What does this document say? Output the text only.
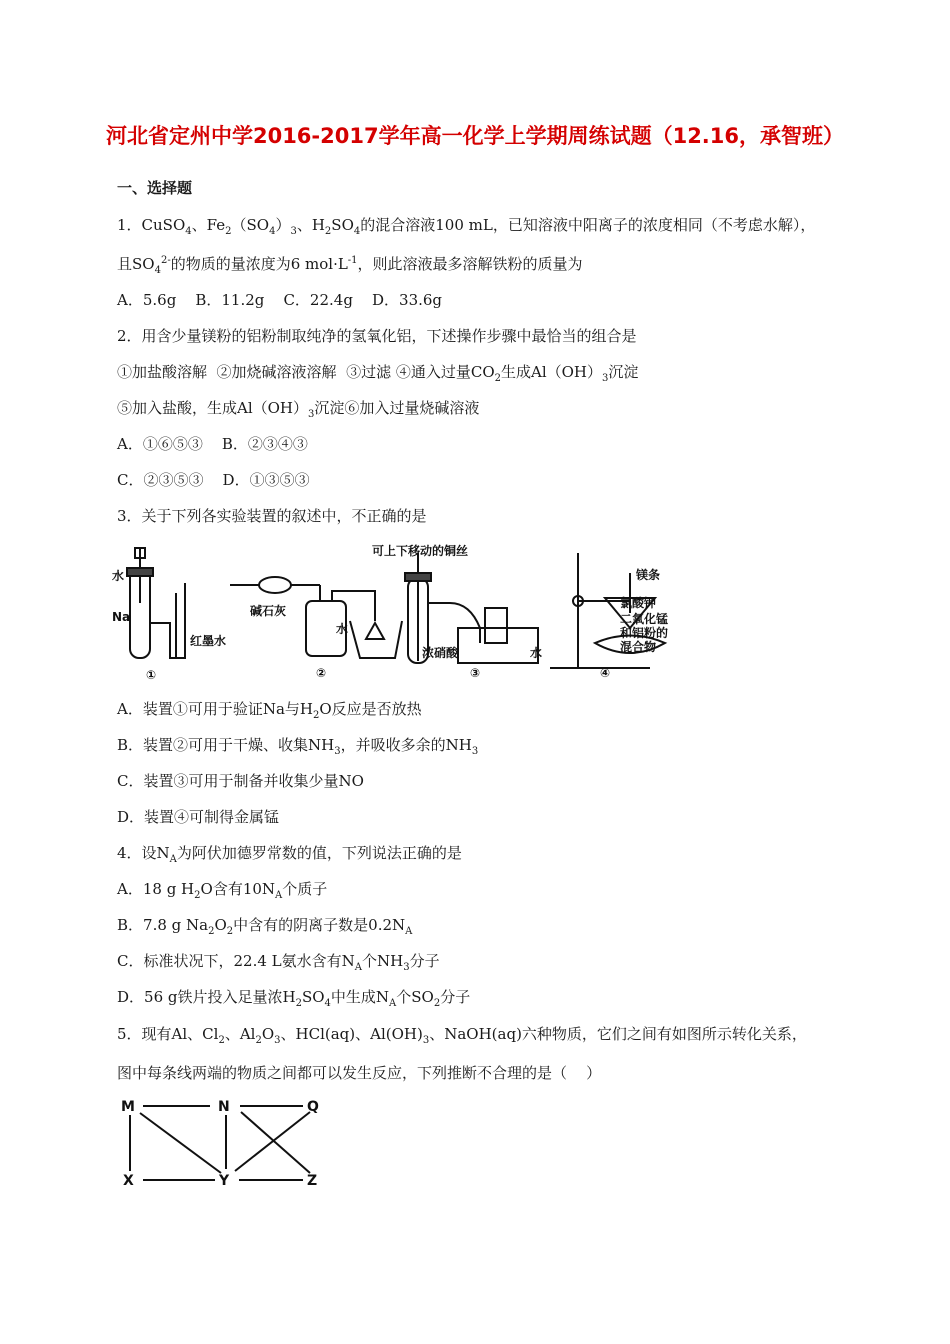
河北省定州中学2016-2017学年高一化学上学期周练试题（12.16，承智班）
一、选择题
1．CuSO$_4$、$Fe_2(SO_4)_3$、$H_2SO_4$的混合溶液100 mL，已知溶液中阳离子的浓度相同（不考虑水解），
且$SO_4^{2-}$的物质的量浓度为6 $mol\cdot L^{-1}$，则此溶液最多溶解铁粉的质量为
A．5.6g    B．11.2g    C．22.4g    D．33.6g
2．用含少量镁粉的铝粉制取纯净的氢氧化铝，下述操作步骤中最恰当的组合是
①加盐酸溶解  ②加烧碱溶液溶解  ③过滤 ④通入过量$CO_2$生成$Al(OH)_3$沉淀
⑤加入盐酸，生成$Al(OH)_3$沉淀⑥加入过量烧碱溶液
A．①⑥⑤③    B．②③④③
C．②③⑤③    D．①③⑤③
3．关于下列各实验装置的叙述中，不正确的是
水
Na
红墨水
①
碱石灰
水
②
可上下移动的铜丝
浓硝酸	水
③
镁条
氯酸钾
二氧化锰
和铝粉的
混合物
④
A．装置①可用于验证Na与$H_2O$反应是否放热
B．装置②可用于干燥、收集$NH_3$，并吸收多余的$NH_3$
C．装置③可用于制备并收集少量NO
D．装置④可制得金属锰
4．设$N_A$为阿伏加德罗常数的值，下列说法正确的是
A．18 g $H_2O$含有$10N_A$个质子
B．7.8 g $Na_2O_2$中含有的阴离子数是$0.2N_A$
C．标准状况下，22.4 L氨水含有$N_A$个$NH_3$分子
D．56 g铁片投入足量浓$H_2SO_4$中生成$N_A$个$SO_2$分子
5．现有Al、$Cl_2$、$Al_2O_3$、HCl(aq)、$Al(OH)_3$、NaOH(aq)六种物质，它们之间有如图所示转化关系，
图中每条线两端的物质之间都可以发生反应，下列推断不合理的是（    ）
M	N	Q
X	Y	Z
